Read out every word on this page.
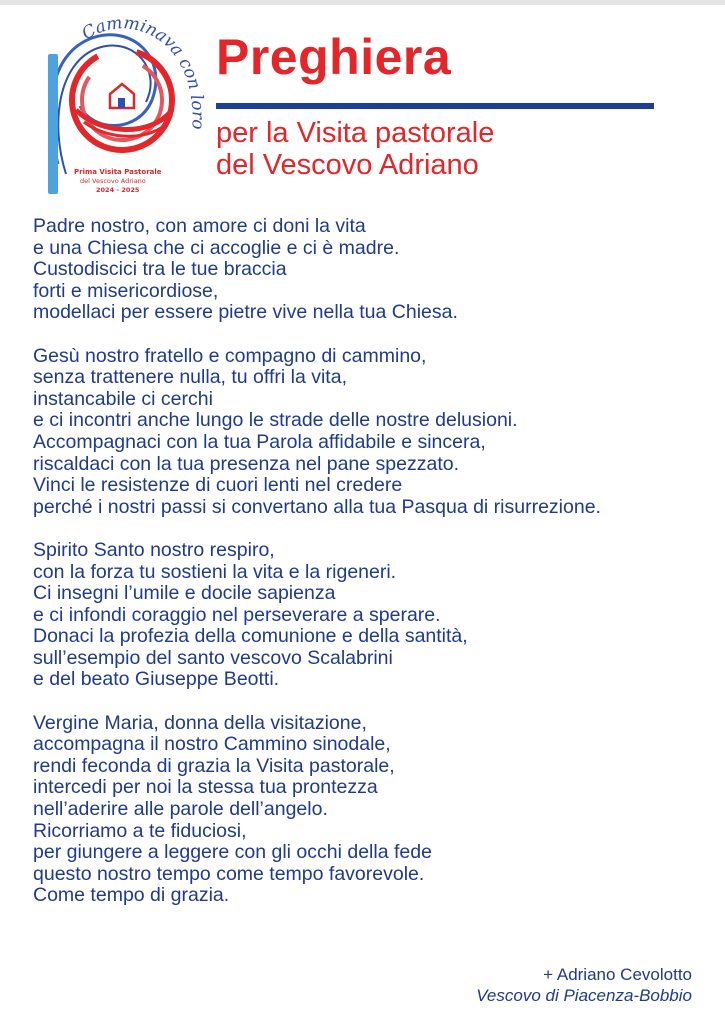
Camminava con loro
Prima Visita Pastorale
del Vescovo Adriano
2024 - 2025
Preghiera
per la Visita pastorale
del Vescovo Adriano
Padre nostro, con amore ci doni la vita
e una Chiesa che ci accoglie e ci è madre.
Custodiscici tra le tue braccia
forti e misericordiose,
modellaci per essere pietre vive nella tua Chiesa.
Gesù nostro fratello e compagno di cammino,
senza trattenere nulla, tu offri la vita,
instancabile ci cerchi
e ci incontri anche lungo le strade delle nostre delusioni.
Accompagnaci con la tua Parola affidabile e sincera,
riscaldaci con la tua presenza nel pane spezzato.
Vinci le resistenze di cuori lenti nel credere
perché i nostri passi si convertano alla tua Pasqua di risurrezione.
Spirito Santo nostro respiro,
con la forza tu sostieni la vita e la rigeneri.
Ci insegni l’umile e docile sapienza
e ci infondi coraggio nel perseverare a sperare.
Donaci la profezia della comunione e della santità,
sull’esempio del santo vescovo Scalabrini
e del beato Giuseppe Beotti.
Vergine Maria, donna della visitazione,
accompagna il nostro Cammino sinodale,
rendi feconda di grazia la Visita pastorale,
intercedi per noi la stessa tua prontezza
nell’aderire alle parole dell’angelo.
Ricorriamo a te fiduciosi,
per giungere a leggere con gli occhi della fede
questo nostro tempo come tempo favorevole.
Come tempo di grazia.
+ Adriano Cevolotto
Vescovo di Piacenza-Bobbio
